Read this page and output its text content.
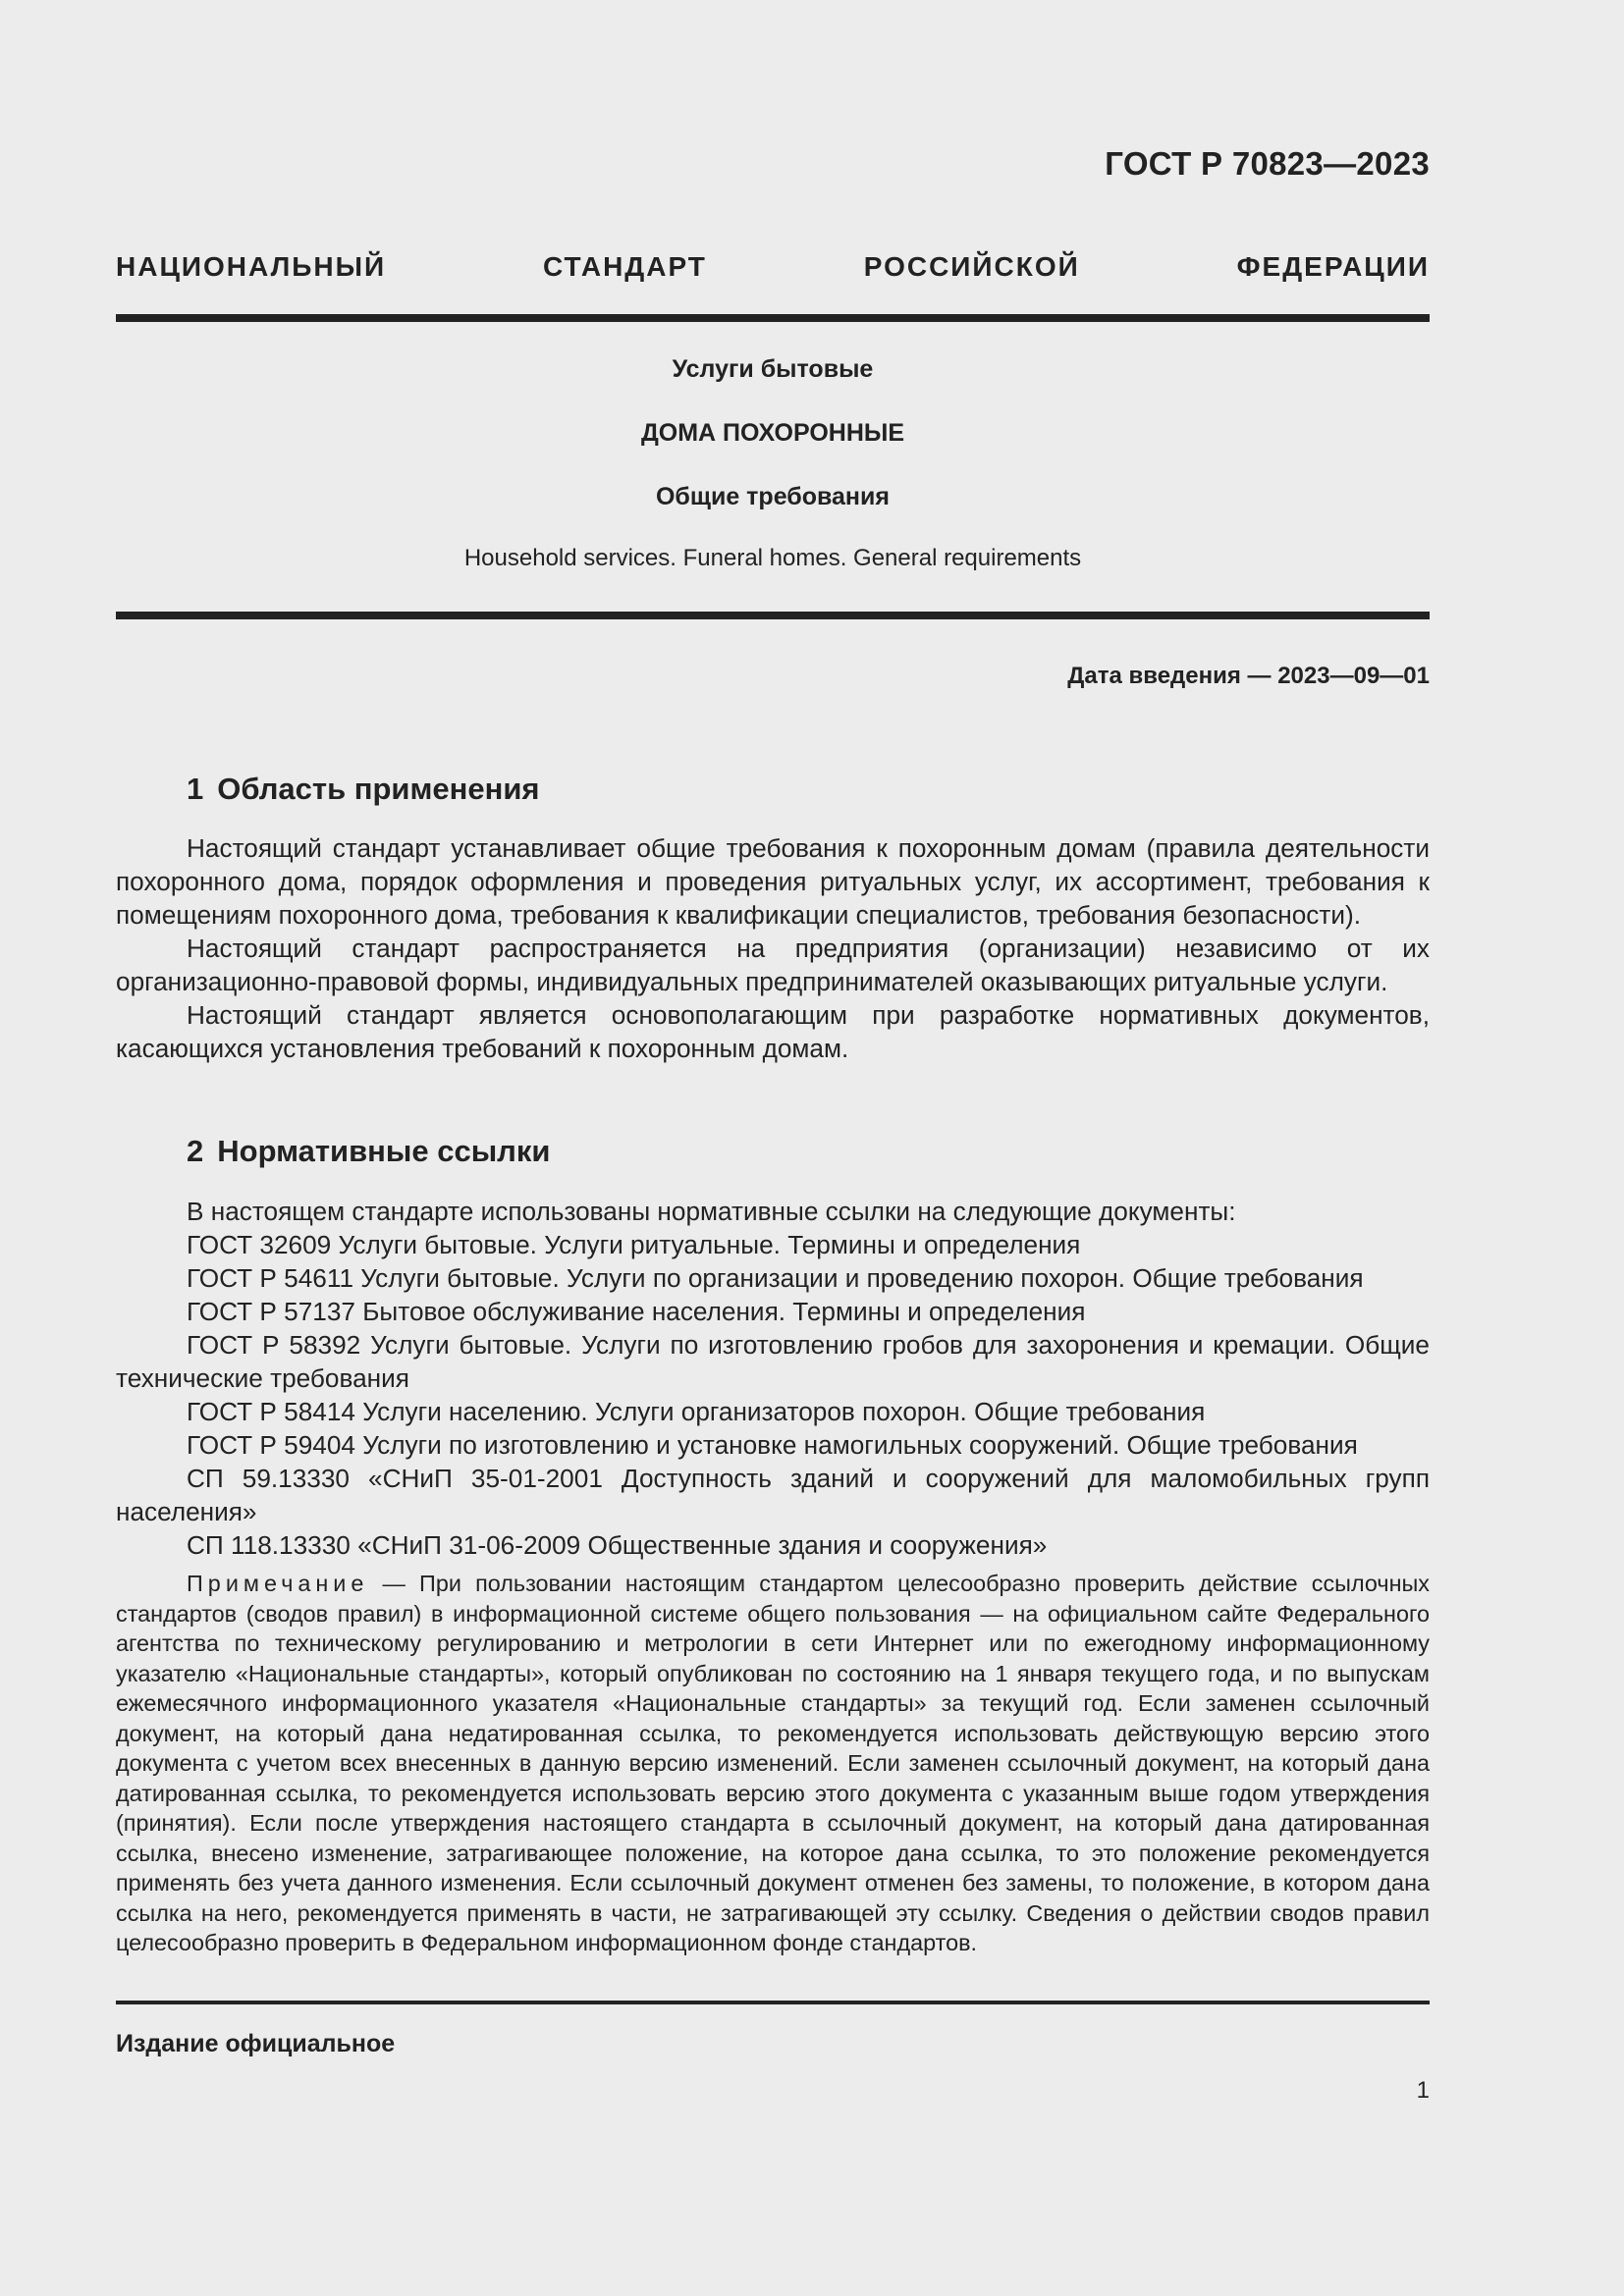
ГОСТ Р 70823—2023
НАЦИОНАЛЬНЫЙ СТАНДАРТ РОССИЙСКОЙ ФЕДЕРАЦИИ
Услуги бытовые
ДОМА ПОХОРОННЫЕ
Общие требования
Household services. Funeral homes. General requirements
Дата введения — 2023—09—01
1 Область применения

Настоящий стандарт устанавливает общие требования к похоронным домам (правила деятельности похоронного дома, порядок оформления и проведения ритуальных услуг, их ассортимент, требования к помещениям похоронного дома, требования к квалификации специалистов, требования безопасности).

Настоящий стандарт распространяется на предприятия (организации) независимо от их организационно-правовой формы, индивидуальных предпринимателей оказывающих ритуальные услуги.

Настоящий стандарт является основополагающим при разработке нормативных документов, касающихся установления требований к похоронным домам.

2 Нормативные ссылки

В настоящем стандарте использованы нормативные ссылки на следующие документы:

ГОСТ 32609 Услуги бытовые. Услуги ритуальные. Термины и определения

ГОСТ Р 54611 Услуги бытовые. Услуги по организации и проведению похорон. Общие требования

ГОСТ Р 57137 Бытовое обслуживание населения. Термины и определения

ГОСТ Р 58392 Услуги бытовые. Услуги по изготовлению гробов для захоронения и кремации. Общие технические требования

ГОСТ Р 58414 Услуги населению. Услуги организаторов похорон. Общие требования

ГОСТ Р 59404 Услуги по изготовлению и установке намогильных сооружений. Общие требования

СП 59.13330 «СНиП 35-01-2001 Доступность зданий и сооружений для маломобильных групп населения»

СП 118.13330 «СНиП 31-06-2009 Общественные здания и сооружения»

Примечание — При пользовании настоящим стандартом целесообразно проверить действие ссылочных стандартов (сводов правил) в информационной системе общего пользования — на официальном сайте Федерального агентства по техническому регулированию и метрологии в сети Интернет или по ежегодному информационному указателю «Национальные стандарты», который опубликован по состоянию на 1 января текущего года, и по выпускам ежемесячного информационного указателя «Национальные стандарты» за текущий год. Если заменен ссылочный документ, на который дана недатированная ссылка, то рекомендуется использовать действующую версию этого документа с учетом всех внесенных в данную версию изменений. Если заменен ссылочный документ, на который дана датированная ссылка, то рекомендуется использовать версию этого документа с указанным выше годом утверждения (принятия). Если после утверждения настоящего стандарта в ссылочный документ, на который дана датированная ссылка, внесено изменение, затрагивающее положение, на которое дана ссылка, то это положение рекомендуется применять без учета данного изменения. Если ссылочный документ отменен без замены, то положение, в котором дана ссылка на него, рекомендуется применять в части, не затрагивающей эту ссылку. Сведения о действии сводов правил целесообразно проверить в Федеральном информационном фонде стандартов.

Издание официальное
1
